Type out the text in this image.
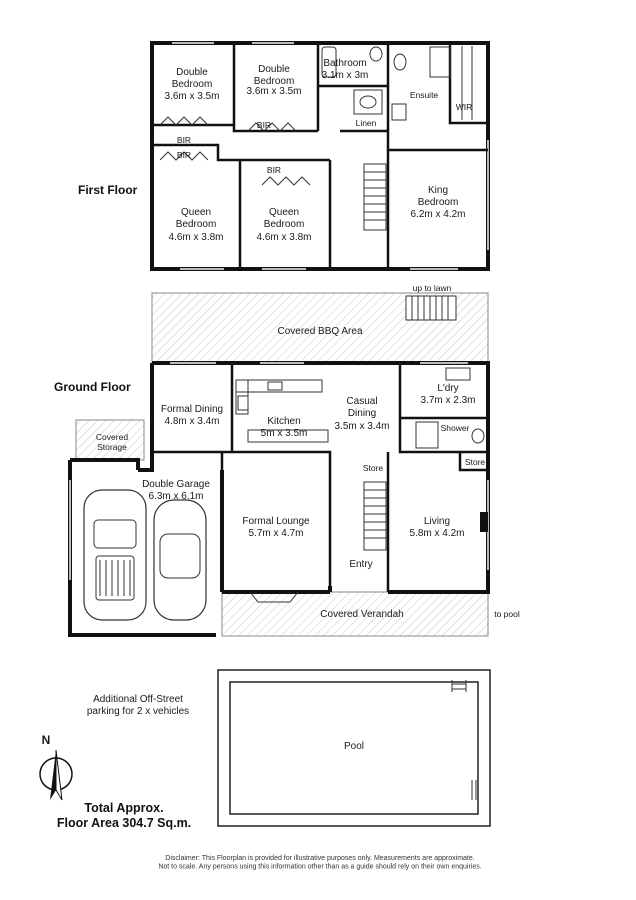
First Floor
Ground Floor
Double Bedroom
3.6m x 3.5m
Double Bedroom
3.6m x 3.5m
Bathroom
3.1m x 3m
Ensuite
WIR
Linen
BIR
BIR
BIR
BIR
Queen Bedroom
4.6m x 3.8m
Queen Bedroom
4.6m x 3.8m
King Bedroom
6.2m x 4.2m
up to lawn
Covered BBQ Area
Formal Dining
4.8m x 3.4m	Kitchen
5m x 3.5m
Casual Dining
3.5m x 3.4m
L'dry
3.7m x 2.3m
Shower
Store
Store
Covered Storage
Double Garage
6.3m x 6.1m
Formal Lounge
5.7m x 4.7m
Living
5.8m x 4.2m
Entry
Covered Verandah	to pool
Additional Off-Street parking for 2 x vehicles
Pool
N
Total Approx. Floor Area 304.7 Sq.m.
Disclaimer: This Floorplan is provided for illustrative purposes only. Measurements are approximate. Not to scale. Any persons using this information other than as a guide should rely on their own enquiries.
